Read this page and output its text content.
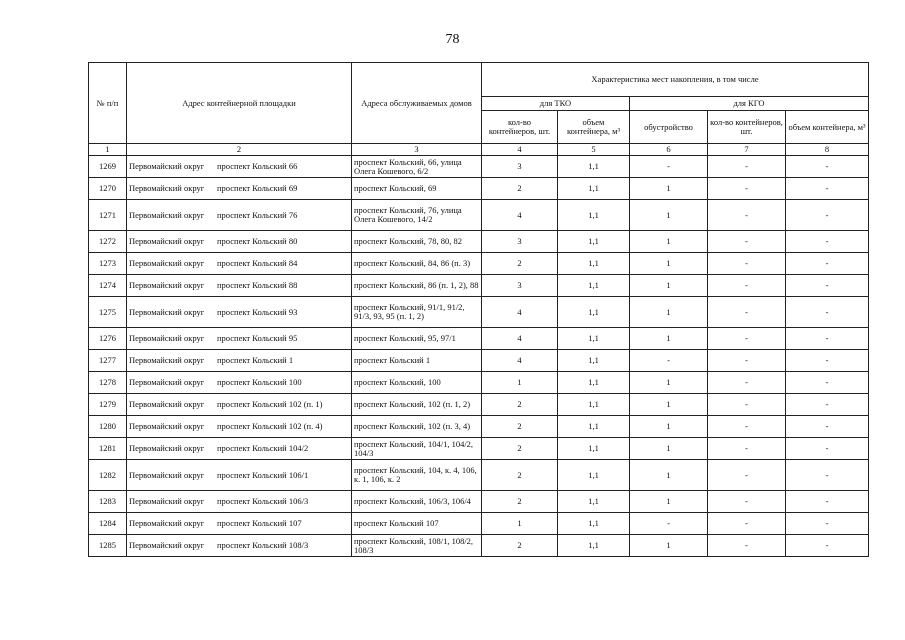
78
№ п/п	Адрес контейнерной площадки	Адреса обслуживаемых домов	Характеристика мест накопления, в том числе				
			для ТКО		для КГО		
			кол-во контейнеров, шт.	объем контейнера, м³	обустройство	кол-во контейнеров, шт.	объем контейнера, м³
1	2	3	4	5	6	7	8
1269	Первомайский округ проспект Кольский 66	проспект Кольский, 66, улица Олега Кошевого, 6/2	3	1,1	-	-	-
1270	Первомайский округ проспект Кольский 69	проспект Кольский, 69	2	1,1	1	-	-
1271	Первомайский округ проспект Кольский 76	проспект Кольский, 76, улица Олега Кошевого, 14/2	4	1,1	1	-	-
1272	Первомайский округ проспект Кольский 80	проспект Кольский, 78, 80, 82	3	1,1	1	-	-
1273	Первомайский округ проспект Кольский 84	проспект Кольский, 84, 86 (п. 3)	2	1,1	1	-	-
1274	Первомайский округ проспект Кольский 88	проспект Кольский, 86 (п. 1, 2), 88	3	1,1	1	-	-
1275	Первомайский округ проспект Кольский 93	проспект Кольский, 91/1, 91/2, 91/3, 93, 95 (п. 1, 2)	4	1,1	1	-	-
1276	Первомайский округ проспект Кольский 95	проспект Кольский, 95, 97/1	4	1,1	1	-	-
1277	Первомайский округ проспект Кольский 1	проспект Кольский 1	4	1,1	-	-	-
1278	Первомайский округ проспект Кольский 100	проспект Кольский, 100	1	1,1	1	-	-
1279	Первомайский округ проспект Кольский 102 (п. 1)	проспект Кольский, 102 (п. 1, 2)	2	1,1	1	-	-
1280	Первомайский округ проспект Кольский 102 (п. 4)	проспект Кольский, 102 (п. 3, 4)	2	1,1	1	-	-
1281	Первомайский округ проспект Кольский 104/2	проспект Кольский, 104/1, 104/2, 104/3	2	1,1	1	-	-
1282	Первомайский округ проспект Кольский 106/1	проспект Кольский, 104, к. 4, 106, к. 1, 106, к. 2	2	1,1	1	-	-
1283	Первомайский округ проспект Кольский 106/3	проспект Кольский, 106/3, 106/4	2	1,1	1	-	-
1284	Первомайский округ проспект Кольский 107	проспект Кольский 107	1	1,1	-	-	-
1285	Первомайский округ проспект Кольский 108/3	проспект Кольский, 108/1, 108/2, 108/3	2	1,1	1	-	-
